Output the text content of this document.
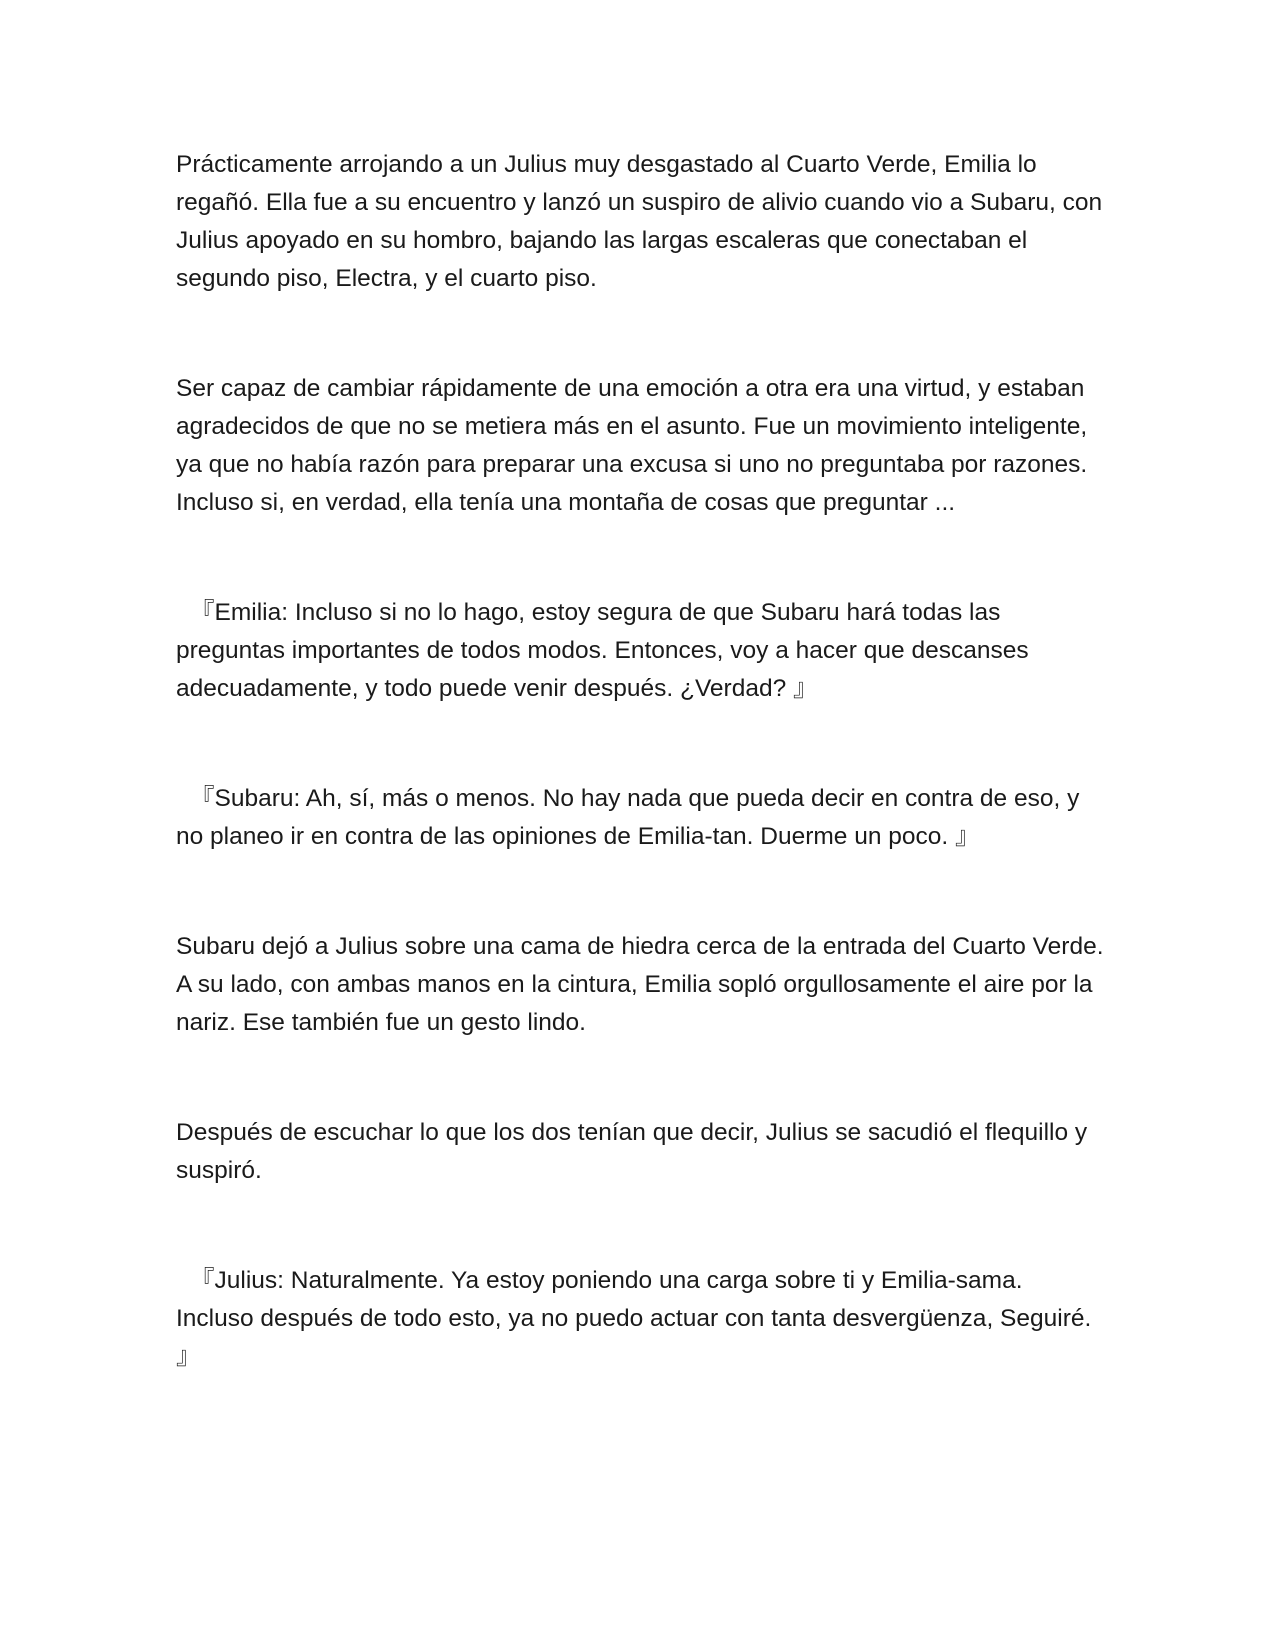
Prácticamente arrojando a un Julius muy desgastado al Cuarto Verde, Emilia lo regañó. Ella fue a su encuentro y lanzó un suspiro de alivio cuando vio a Subaru, con Julius apoyado en su hombro, bajando las largas escaleras que conectaban el segundo piso, Electra, y el cuarto piso.

Ser capaz de cambiar rápidamente de una emoción a otra era una virtud, y estaban agradecidos de que no se metiera más en el asunto. Fue un movimiento inteligente, ya que no había razón para preparar una excusa si uno no preguntaba por razones. Incluso si, en verdad, ella tenía una montaña de cosas que preguntar ...

『Emilia: Incluso si no lo hago, estoy segura de que Subaru hará todas las preguntas importantes de todos modos. Entonces, voy a hacer que descanses adecuadamente, y todo puede venir después. ¿Verdad? 』

『Subaru: Ah, sí, más o menos. No hay nada que pueda decir en contra de eso, y no planeo ir en contra de las opiniones de Emilia-tan. Duerme un poco. 』

Subaru dejó a Julius sobre una cama de hiedra cerca de la entrada del Cuarto Verde. A su lado, con ambas manos en la cintura, Emilia sopló orgullosamente el aire por la nariz. Ese también fue un gesto lindo.

Después de escuchar lo que los dos tenían que decir, Julius se sacudió el flequillo y suspiró.

『Julius: Naturalmente. Ya estoy poniendo una carga sobre ti y Emilia-sama. Incluso después de todo esto, ya no puedo actuar con tanta desvergüenza, Seguiré. 』
